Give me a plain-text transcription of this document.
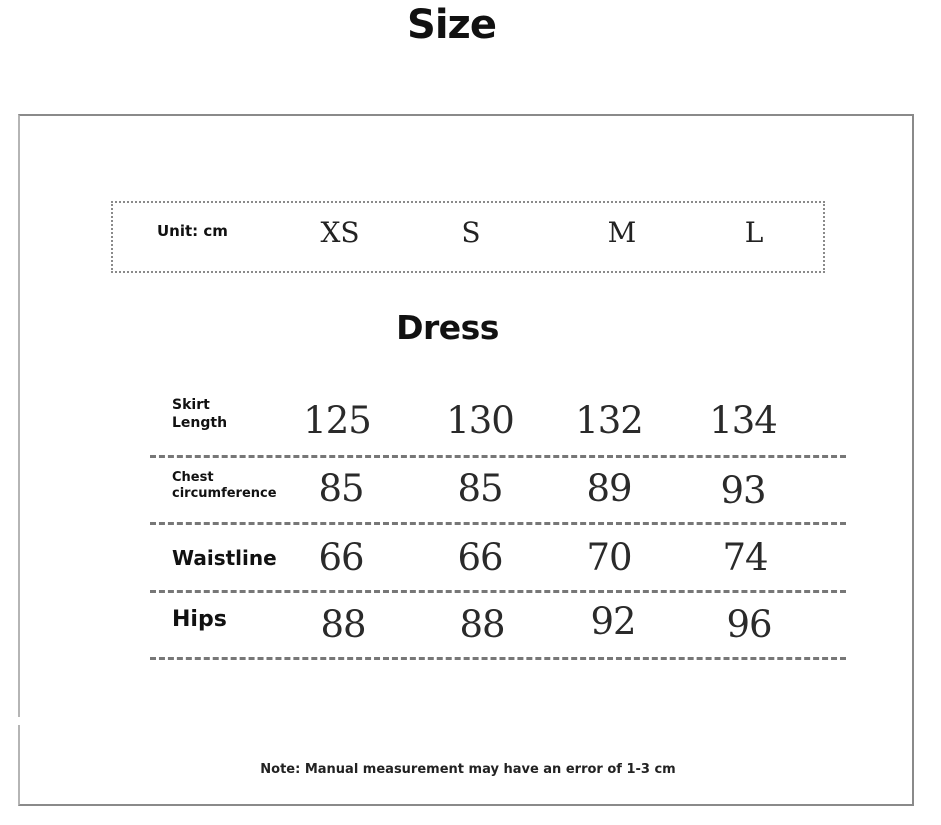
Size
Unit: cm	XS	S	M	L
Dress
Skirt
Length	125	130	132	134
Chest
circumference	85	85	89	93
Waistline	66	66	70	74
Hips	88	88	92	96
Note: Manual measurement may have an error of 1-3 cm
